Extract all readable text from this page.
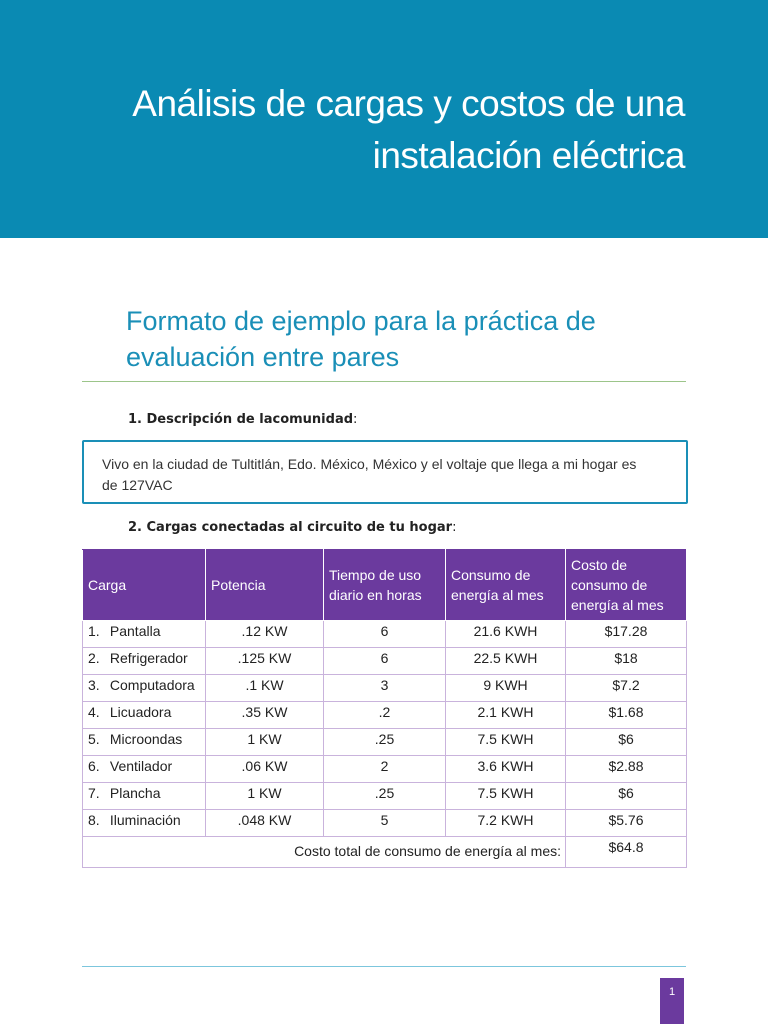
Análisis de cargas y costos de una
instalación eléctrica
Formato de ejemplo para la práctica de
evaluación entre pares
1. Descripción de lacomunidad:
Vivo en la ciudad de Tultitlán, Edo. México, México y el voltaje que llega a mi hogar es de 127VAC
2. Cargas conectadas al circuito de tu hogar:
Carga	Potencia	Tiempo de uso diario en horas	Consumo de energía al mes	Costo de consumo de energía al mes
1. Pantalla	.12 KW	6	21.6 KWH	$17.28
2. Refrigerador	.125 KW	6	22.5 KWH	$18
3. Computadora	.1 KW	3	9 KWH	$7.2
4. Licuadora	.35 KW	.2	2.1 KWH	$1.68
5. Microondas	1 KW	.25	7.5 KWH	$6
6. Ventilador	.06 KW	2	3.6 KWH	$2.88
7. Plancha	1 KW	.25	7.5 KWH	$6
8. Iluminación	.048 KW	5	7.2 KWH	$5.76
Costo total de consumo de energía al mes:				$64.8
1
